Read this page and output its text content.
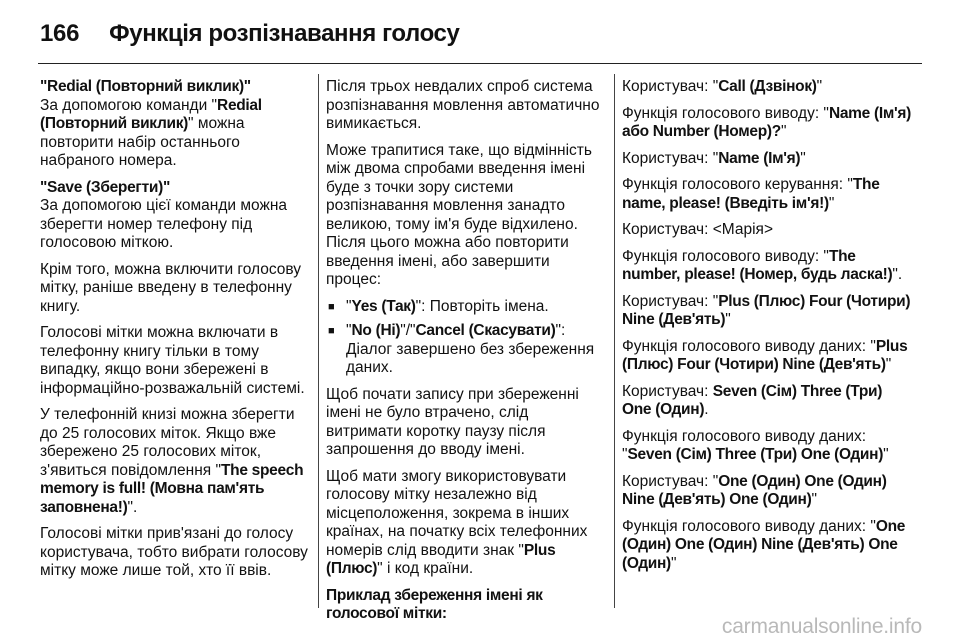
166 Функція розпізнавання голосу

"Redial (Повторний виклик)"

За допомогою команди "Redial (Повторний виклик)" можна повторити набір останнього набраного номера.

"Save (Зберегти)"

За допомогою цієї команди можна зберегти номер телефону під голосовою міткою.

Крім того, можна включити голосову мітку, раніше введену в телефонну книгу.

Голосові мітки можна включати в телефонну книгу тільки в тому випадку, якщо вони збережені в інформаційно-розважальній системі.

У телефонній книзі можна зберегти до 25 голосових міток. Якщо вже збережено 25 голосових міток, з'явиться повідомлення "The speech memory is full! (Мовна пам'ять заповнена!)".

Голосові мітки прив'язані до голосу користувача, тобто вибрати голосову мітку може лише той, хто її ввів.

Після трьох невдалих спроб система розпізнавання мовлення автоматично вимикається.

Може трапитися таке, що відмінність між двома спробами введення імені буде з точки зору системи розпізнавання мовлення занадто великою, тому ім'я буде відхилено. Після цього можна або повторити введення імені, або завершити процес:

■ "Yes (Так)": Повторіть імена.
■ "No (Ні)"/"Cancel (Скасувати)": Діалог завершено без збереження даних.

Щоб почати запису при збереженні імені не було втрачено, слід витримати коротку паузу після запрошення до вводу імені.

Щоб мати змогу використовувати голосову мітку незалежно від місцеположення, зокрема в інших країнах, на початку всіх телефонних номерів слід вводити знак "Plus (Плюс)" і код країни.

Приклад збереження імені як голосової мітки:

Користувач: "Call (Дзвінок)"

Функція голосового виводу: "Name (Ім'я) або Number (Номер)?"

Користувач: "Name (Ім'я)"

Функція голосового керування: "The name, please! (Введіть ім'я!)"

Користувач: <Марія>

Функція голосового виводу: "The number, please! (Номер, будь ласка!)".

Користувач: "Plus (Плюс) Four (Чотири) Nine (Дев'ять)"

Функція голосового виводу даних: "Plus (Плюс) Four (Чотири) Nine (Дев'ять)"

Користувач: Seven (Сім) Three (Три) One (Один).

Функція голосового виводу даних: "Seven (Сім) Three (Три) One (Один)"

Користувач: "One (Один) One (Один) Nine (Дев'ять) One (Один)"

Функція голосового виводу даних: "One (Один) One (Один) Nine (Дев'ять) One (Один)"

carmanualsonline.info
